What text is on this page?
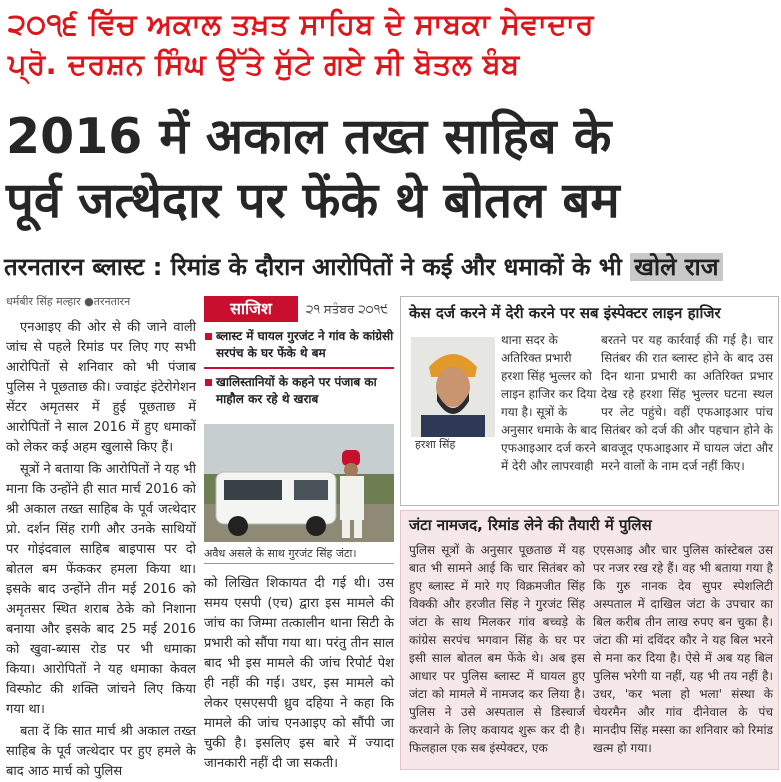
੨੦੧੬ ਵਿੱਚ ਅਕਾਲ ਤਖ਼ਤ ਸਾਹਿਬ ਦੇ ਸਾਬਕਾ ਸੇਵਾਦਾਰ
ਪ੍ਰੋ. ਦਰਸ਼ਨ ਸਿੰਘ ਉੱਤੇ ਸੁੱਟੇ ਗਏ ਸੀ ਬੋਤਲ ਬੰਬ
2016 में अकाल तख्त साहिब के
पूर्व जत्थेदार पर फेंके थे बोतल बम
तरनतारन ब्लास्ट : रिमांड के दौरान आरोपितों ने कई और धमाकों के भी खोले राज
धर्मबीर सिंह मल्हार ●तरनतारन

एनआइए की ओर से की जाने वाली जांच से पहले रिमांड पर लिए गए सभी आरोपितों से शनिवार को भी पंजाब पुलिस ने पूछताछ की। ज्वाइंट इंटेरोगेशन सेंटर अमृतसर में हुई पूछताछ में आरोपितों ने साल 2016 में हुए धमाकों को लेकर कई अहम खुलासे किए हैं।

सूत्रों ने बताया कि आरोपितों ने यह भी माना कि उन्होंने ही सात मार्च 2016 को श्री अकाल तख्त साहिब के पूर्व जत्थेदार प्रो. दर्शन सिंह रागी और उनके साथियों पर गोइंदवाल साहिब बाइपास पर दो बोतल बम फेंककर हमला किया था। इसके बाद उन्होंने तीन मई 2016 को अमृतसर स्थित शराब ठेके को निशाना बनाया और इसके बाद 25 मई 2016 को खुवा-ब्यास रोड पर भी धमाका किया। आरोपितों ने यह धमाका केवल विस्फोट की शक्ति जांचने लिए किया गया था।

बता दें कि सात मार्च श्री अकाल तख्त साहिब के पूर्व जत्थेदार पर हुए हमले के बाद आठ मार्च को पुलिस

साजिश	੨੧ ਸਤੰਬਰ ੨੦੧੯
ब्लास्ट में घायल गुरजंट ने गांव के कांग्रेसी सरपंच के घर फेंके थे बम
खालिस्तानियों के कहने पर पंजाब का माहौल कर रहे थे खराब
अवैध असले के साथ गुरजंट सिंह जंटा।
को लिखित शिकायत दी गई थी। उस समय एसपी (एच) द्वारा इस मामले की जांच का जिम्मा तत्कालीन थाना सिटी के प्रभारी को सौंपा गया था। परंतु तीन साल बाद भी इस मामले की जांच रिपोर्ट पेश ही नहीं की गई। उधर, इस मामले को लेकर एसएसपी ध्रुव दहिया ने कहा कि मामले की जांच एनआइए को सौंपी जा चुकी है। इसलिए इस बारे में ज्यादा जानकारी नहीं दी जा सकती।
केस दर्ज करने में देरी करने पर सब इंस्पेक्टर लाइन हाजिर
हरशा सिंह
थाना सदर के अतिरिक्त प्रभारी हरशा सिंह भुल्लर को लाइन हाजिर कर दिया गया है। सूत्रों के अनुसार धमाके के बाद एफआइआर दर्ज करने में देरी और लापरवाही
बरतने पर यह कार्रवाई की गई है। चार सितंबर की रात ब्लास्ट होने के बाद उस दिन थाना प्रभारी का अतिरिक्त प्रभार देख रहे हरशा सिंह भुल्लर घटना स्थल पर लेट पहुंचे। वहीं एफआइआर पांच सितंबर को दर्ज की और पहचान होने के बावजूद एफआइआर में घायल जंटा और मरने वालों के नाम दर्ज नहीं किए।
जंटा नामजद, रिमांड लेने की तैयारी में पुलिस
पुलिस सूत्रों के अनुसार पूछताछ में यह बात भी सामने आई कि चार सितंबर को हुए ब्लास्ट में मारे गए विक्रमजीत सिंह विक्की और हरजीत सिंह ने गुरजंट सिंह जंटा के साथ मिलकर गांव बच्चड़े के कांग्रेस सरपंच भगवान सिंह के घर पर इसी साल बोतल बम फेंके थे। अब इस आधार पर पुलिस ब्लास्ट में घायल हुए जंटा को मामले में नामजद कर लिया है। पुलिस ने उसे अस्पताल से डिस्चार्ज करवाने के लिए कवायद शुरू कर दी है। फिलहाल एक सब इंस्पेक्टर, एक
एएसआइ और चार पुलिस कांस्टेबल उस पर नजर रख रहे हैं। वह भी बताया गया है कि गुरु नानक देव सुपर स्पेशलिटी अस्पताल में दाखिल जंटा के उपचार का बिल करीब तीन लाख रुपए बन चुका है। जंटा की मां दविंदर कौर ने यह बिल भरने से मना कर दिया है। ऐसे में अब यह बिल पुलिस भरेगी या नहीं, यह भी तय नहीं है। उधर, 'कर भला हो भला' संस्था के चेयरमैन और गांव दीनेवाल के पंच मानदीप सिंह मस्सा का शनिवार को रिमांड खत्म हो गया।
